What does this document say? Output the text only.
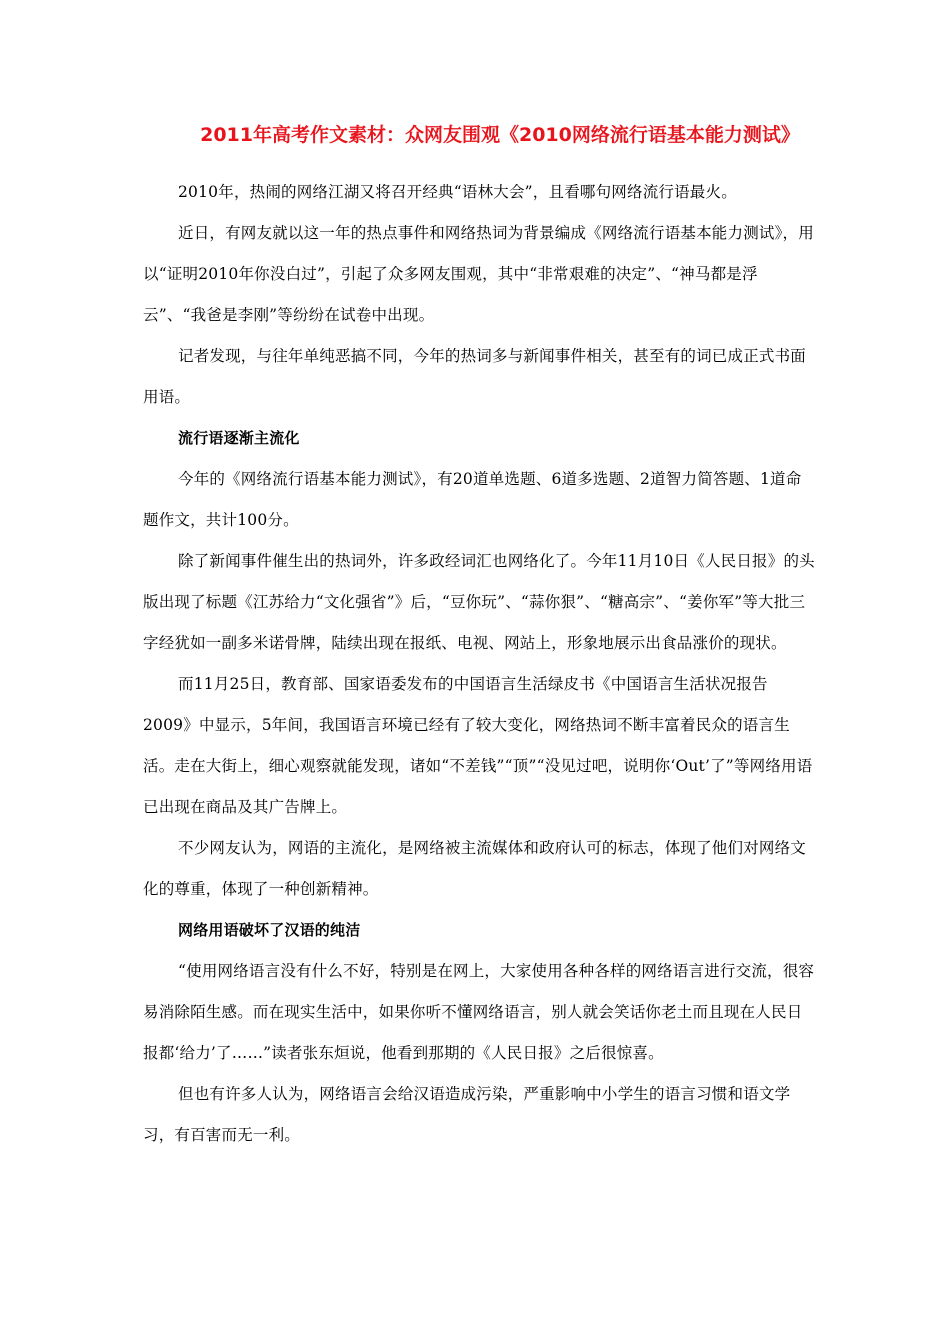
2011年高考作文素材：众网友围观《2010网络流行语基本能力测试》

2010年，热闹的网络江湖又将召开经典“语林大会”，且看哪句网络流行语最火。

近日，有网友就以这一年的热点事件和网络热词为背景编成《网络流行语基本能力测试》，用以“证明2010年你没白过”，引起了众多网友围观，其中“非常艰难的决定”、“神马都是浮云”、“我爸是李刚”等纷纷在试卷中出现。

记者发现，与往年单纯恶搞不同，今年的热词多与新闻事件相关，甚至有的词已成正式书面用语。

流行语逐渐主流化

今年的《网络流行语基本能力测试》，有20道单选题、6道多选题、2道智力简答题、1道命题作文，共计100分。

除了新闻事件催生出的热词外，许多政经词汇也网络化了。今年11月10日《人民日报》的头版出现了标题《江苏给力“文化强省”》后，“豆你玩”、“蒜你狠”、“糖高宗”、“姜你军”等大批三字经犹如一副多米诺骨牌，陆续出现在报纸、电视、网站上，形象地展示出食品涨价的现状。

而11月25日，教育部、国家语委发布的中国语言生活绿皮书《中国语言生活状况报告2009》中显示，5年间，我国语言环境已经有了较大变化，网络热词不断丰富着民众的语言生活。走在大街上，细心观察就能发现，诸如“不差钱”“顶”“没见过吧，说明你‘Out’了”等网络用语已出现在商品及其广告牌上。

不少网友认为，网语的主流化，是网络被主流媒体和政府认可的标志，体现了他们对网络文化的尊重，体现了一种创新精神。

网络用语破坏了汉语的纯洁

“使用网络语言没有什么不好，特别是在网上，大家使用各种各样的网络语言进行交流，很容易消除陌生感。而在现实生活中，如果你听不懂网络语言，别人就会笑话你老土而且现在人民日报都‘给力’了……”读者张东烜说，他看到那期的《人民日报》之后很惊喜。

但也有许多人认为，网络语言会给汉语造成污染，严重影响中小学生的语言习惯和语文学习，有百害而无一利。
